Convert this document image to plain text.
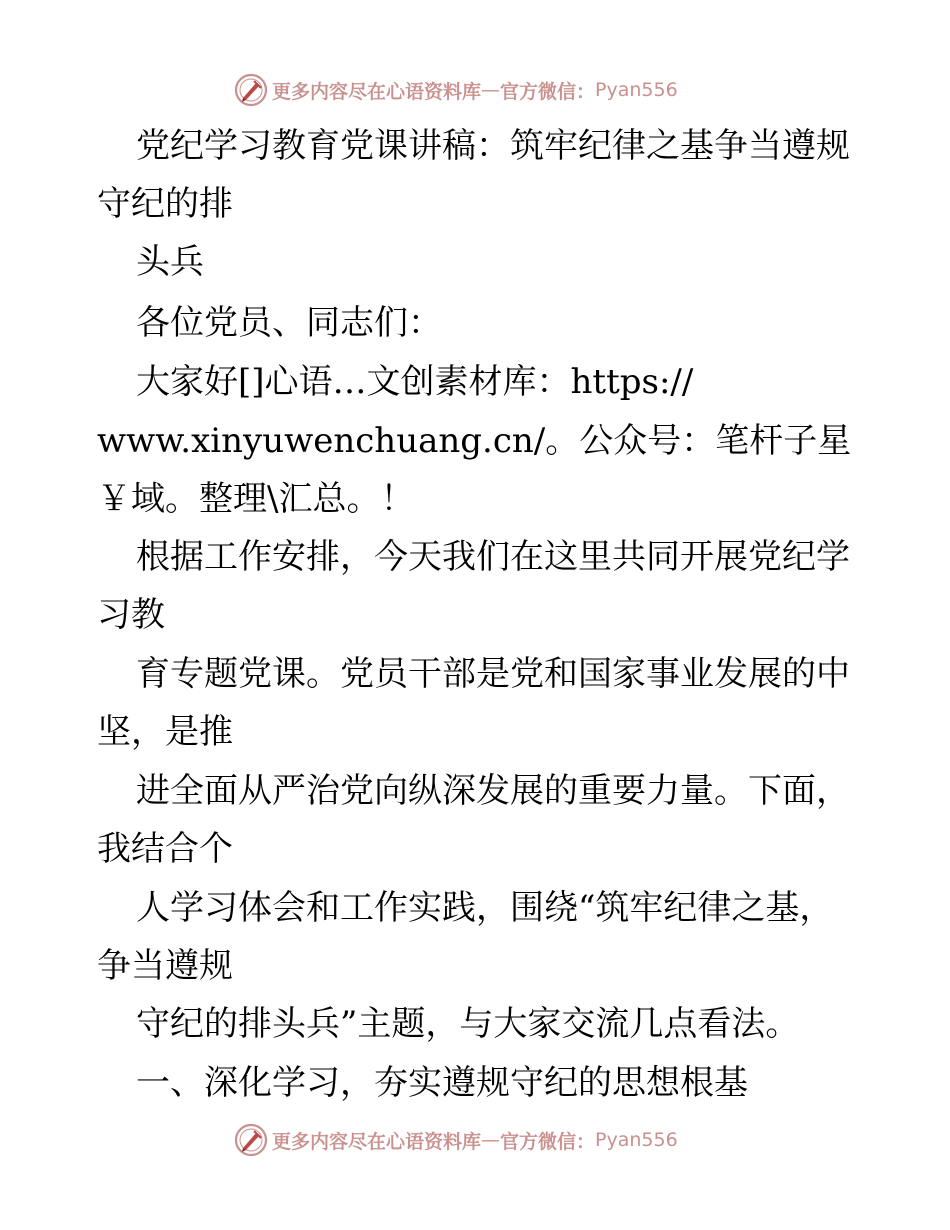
更多内容尽在心语资料库 — 官方微信： Pyan556
党纪学习教育党课讲稿：筑牢纪律之基争当遵规
守纪的排
头兵
各位党员、同志们：
大家好[]心语…文创素材库：https://
www.xinyuwenchuang.cn/。公众号：笔杆子星
￥域。整理\汇总。！
根据工作安排，今天我们在这里共同开展党纪学
习教
育专题党课。党员干部是党和国家事业发展的中
坚，是推
进全面从严治党向纵深发展的重要力量。下面，
我结合个
人学习体会和工作实践，围绕“筑牢纪律之基，
争当遵规
守纪的排头兵”主题，与大家交流几点看法。
一、深化学习，夯实遵规守纪的思想根基
更多内容尽在心语资料库 — 官方微信： Pyan556
